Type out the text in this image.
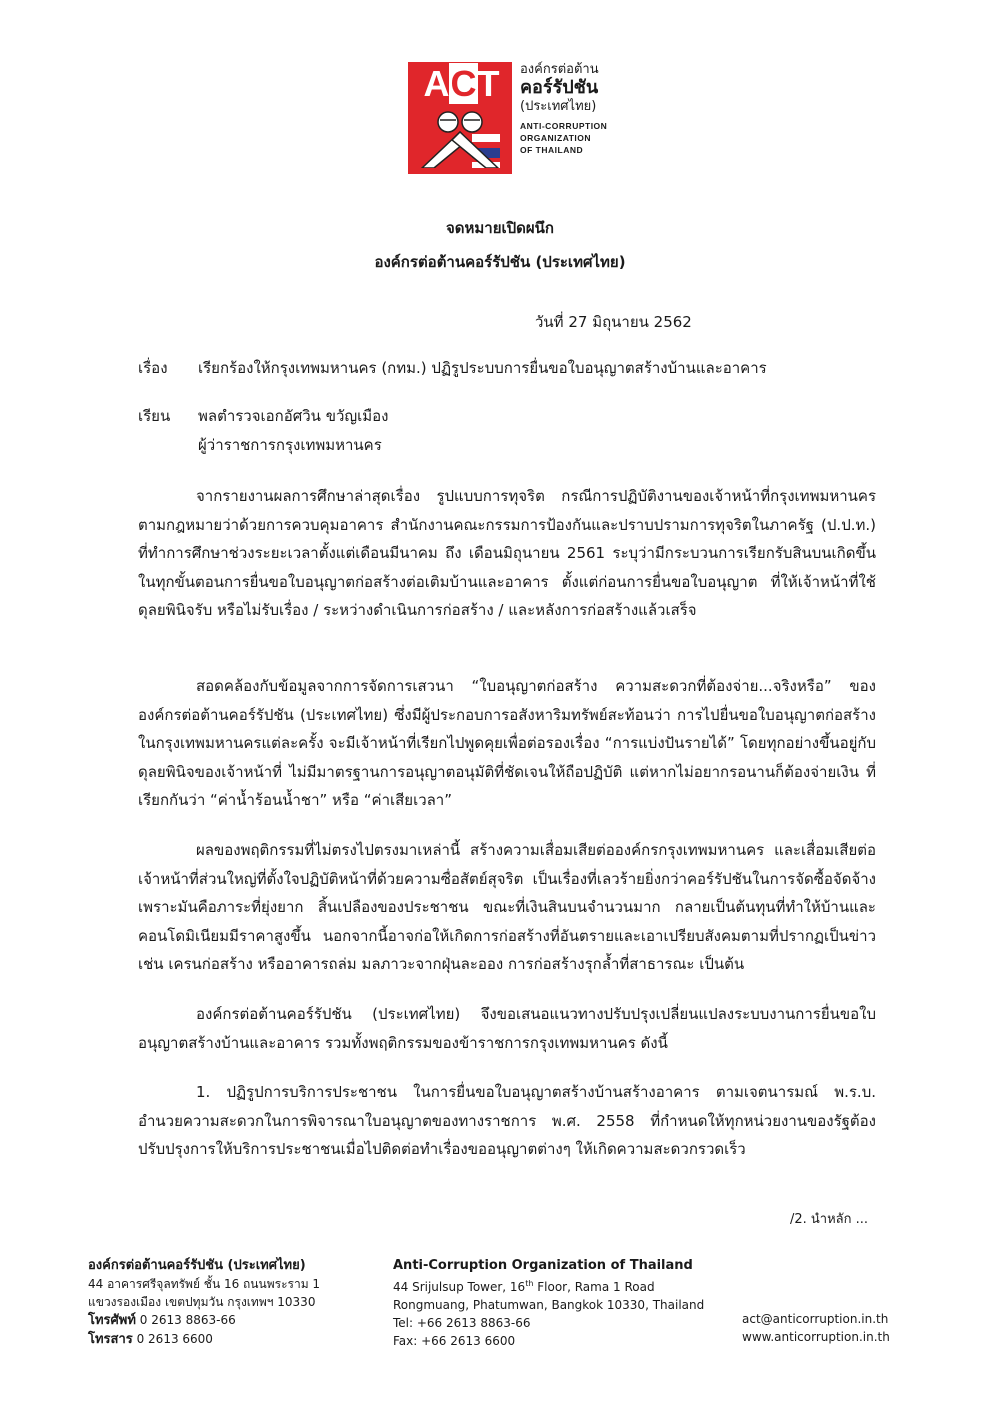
ACT	องค์กรต่อต้าน
คอร์รัปชัน
(ประเทศไทย)
ANTI-CORRUPTION
ORGANIZATION
OF THAILAND
จดหมายเปิดผนึก
องค์กรต่อต้านคอร์รัปชัน (ประเทศไทย)
วันที่ 27 มิถุนายน 2562
เรื่อง เรียกร้องให้กรุงเทพมหานคร (กทม.) ปฏิรูประบบการยื่นขอใบอนุญาตสร้างบ้านและอาคาร
เรียน พลตำรวจเอกอัศวิน ขวัญเมือง
ผู้ว่าราชการกรุงเทพมหานคร
จากรายงานผลการศึกษาล่าสุดเรื่อง รูปแบบการทุจริต กรณีการปฏิบัติงานของเจ้าหน้าที่กรุงเทพมหานคร ตามกฎหมายว่าด้วยการควบคุมอาคาร สำนักงานคณะกรรมการป้องกันและปราบปรามการทุจริตในภาครัฐ (ป.ป.ท.) ที่ทำการศึกษาช่วงระยะเวลาตั้งแต่เดือนมีนาคม ถึง เดือนมิถุนายน 2561 ระบุว่ามีกระบวนการเรียกรับสินบนเกิดขึ้นในทุกขั้นตอนการยื่นขอใบอนุญาตก่อสร้างต่อเติมบ้านและอาคาร ตั้งแต่ก่อนการยื่นขอใบอนุญาต ที่ให้เจ้าหน้าที่ใช้ดุลยพินิจรับ หรือไม่รับเรื่อง / ระหว่างดำเนินการก่อสร้าง / และหลังการก่อสร้างแล้วเสร็จ
สอดคล้องกับข้อมูลจากการจัดการเสวนา “ใบอนุญาตก่อสร้าง ความสะดวกที่ต้องจ่าย...จริงหรือ” ขององค์กรต่อต้านคอร์รัปชัน (ประเทศไทย) ซึ่งมีผู้ประกอบการอสังหาริมทรัพย์สะท้อนว่า การไปยื่นขอใบอนุญาตก่อสร้างในกรุงเทพมหานครแต่ละครั้ง จะมีเจ้าหน้าที่เรียกไปพูดคุยเพื่อต่อรองเรื่อง “การแบ่งปันรายได้” โดยทุกอย่างขึ้นอยู่กับดุลยพินิจของเจ้าหน้าที่ ไม่มีมาตรฐานการอนุญาตอนุมัติที่ชัดเจนให้ถือปฏิบัติ แต่หากไม่อยากรอนานก็ต้องจ่ายเงิน ที่เรียกกันว่า “ค่าน้ำร้อนน้ำชา” หรือ “ค่าเสียเวลา”
ผลของพฤติกรรมที่ไม่ตรงไปตรงมาเหล่านี้ สร้างความเสื่อมเสียต่อองค์กรกรุงเทพมหานคร และเสื่อมเสียต่อเจ้าหน้าที่ส่วนใหญ่ที่ตั้งใจปฏิบัติหน้าที่ด้วยความซื่อสัตย์สุจริต เป็นเรื่องที่เลวร้ายยิ่งกว่าคอร์รัปชันในการจัดซื้อจัดจ้าง เพราะมันคือภาระที่ยุ่งยาก สิ้นเปลืองของประชาชน ขณะที่เงินสินบนจำนวนมาก กลายเป็นต้นทุนที่ทำให้บ้านและคอนโดมิเนียมมีราคาสูงขึ้น นอกจากนี้อาจก่อให้เกิดการก่อสร้างที่อันตรายและเอาเปรียบสังคมตามที่ปรากฏเป็นข่าว เช่น เครนก่อสร้าง หรืออาคารถล่ม มลภาวะจากฝุ่นละออง การก่อสร้างรุกล้ำที่สาธารณะ เป็นต้น
องค์กรต่อต้านคอร์รัปชัน (ประเทศไทย) จึงขอเสนอแนวทางปรับปรุงเปลี่ยนแปลงระบบงานการยื่นขอใบอนุญาตสร้างบ้านและอาคาร รวมทั้งพฤติกรรมของข้าราชการกรุงเทพมหานคร ดังนี้
1. ปฏิรูปการบริการประชาชน ในการยื่นขอใบอนุญาตสร้างบ้านสร้างอาคาร ตามเจตนารมณ์ พ.ร.บ. อำนวยความสะดวกในการพิจารณาใบอนุญาตของทางราชการ พ.ศ. 2558 ที่กำหนดให้ทุกหน่วยงานของรัฐต้องปรับปรุงการให้บริการประชาชนเมื่อไปติดต่อทำเรื่องขออนุญาตต่างๆ ให้เกิดความสะดวกรวดเร็ว
/2. นำหลัก ...
องค์กรต่อต้านคอร์รัปชัน (ประเทศไทย)
44 อาคารศรีจุลทรัพย์ ชั้น 16 ถนนพระราม 1
แขวงรองเมือง เขตปทุมวัน กรุงเทพฯ 10330
โทรศัพท์ 0 2613 8863-66
โทรสาร 0 2613 6600
Anti-Corruption Organization of Thailand
44 Srijulsup Tower, 16th Floor, Rama 1 Road
Rongmuang, Phatumwan, Bangkok 10330, Thailand
Tel: +66 2613 8863-66
Fax: +66 2613 6600
act@anticorruption.in.th
www.anticorruption.in.th
